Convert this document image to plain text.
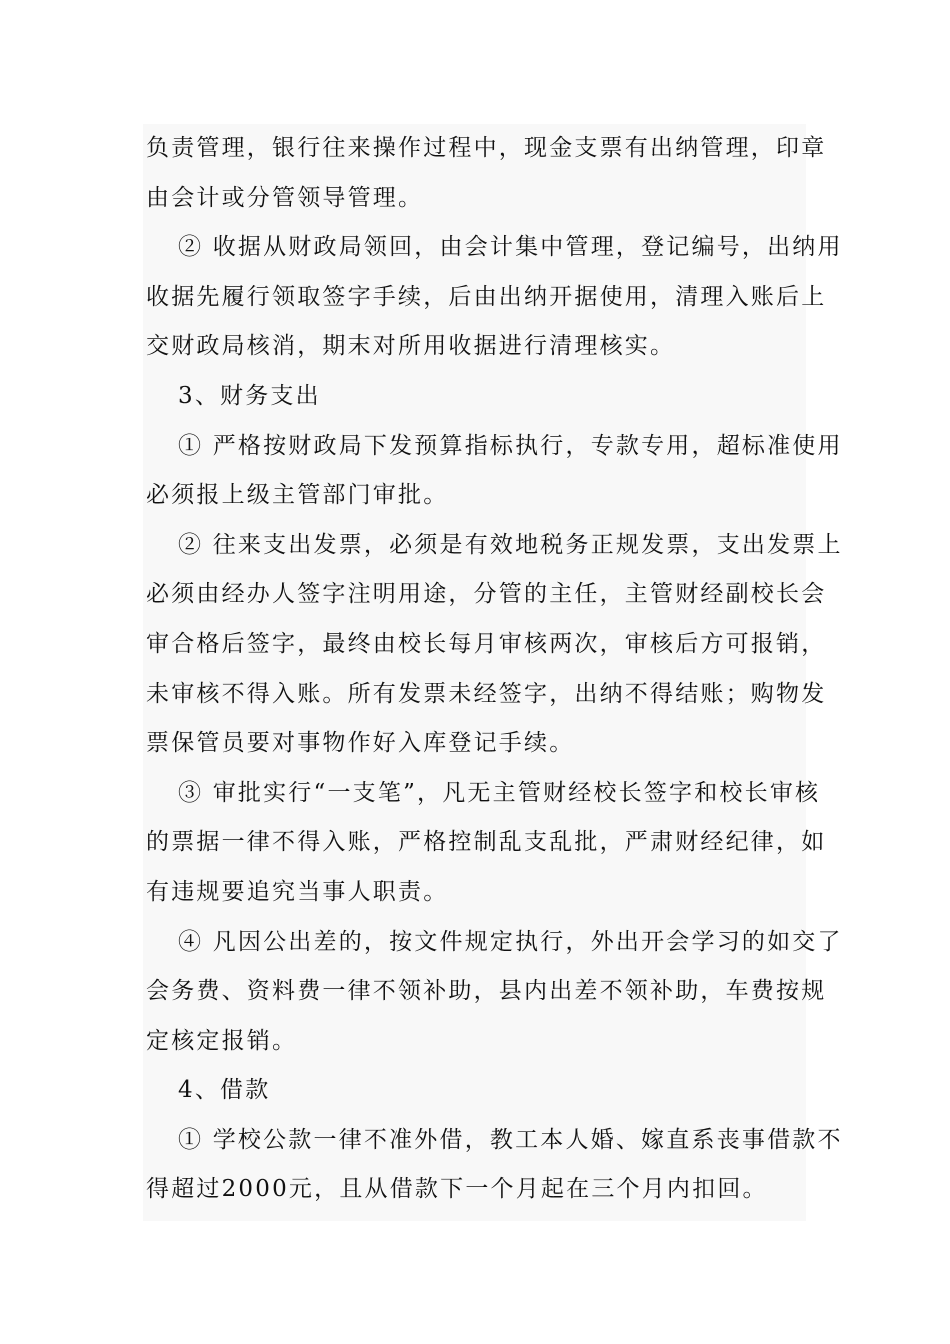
负责管理，银行往来操作过程中，现金支票有出纳管理，印章
由会计或分管领导管理。
② 收据从财政局领回，由会计集中管理，登记编号，出纳用
收据先履行领取签字手续，后由出纳开据使用，清理入账后上
交财政局核消，期末对所用收据进行清理核实。
3、财务支出
① 严格按财政局下发预算指标执行，专款专用，超标准使用
必须报上级主管部门审批。
② 往来支出发票，必须是有效地税务正规发票，支出发票上
必须由经办人签字注明用途，分管的主任，主管财经副校长会
审合格后签字，最终由校长每月审核两次，审核后方可报销，
未审核不得入账。所有发票未经签字，出纳不得结账；购物发
票保管员要对事物作好入库登记手续。
③ 审批实行“一支笔”，凡无主管财经校长签字和校长审核
的票据一律不得入账，严格控制乱支乱批，严肃财经纪律，如
有违规要追究当事人职责。
④ 凡因公出差的，按文件规定执行，外出开会学习的如交了
会务费、资料费一律不领补助，县内出差不领补助，车费按规
定核定报销。
4、借款
① 学校公款一律不准外借，教工本人婚、嫁直系丧事借款不
得超过2000元，且从借款下一个月起在三个月内扣回。
